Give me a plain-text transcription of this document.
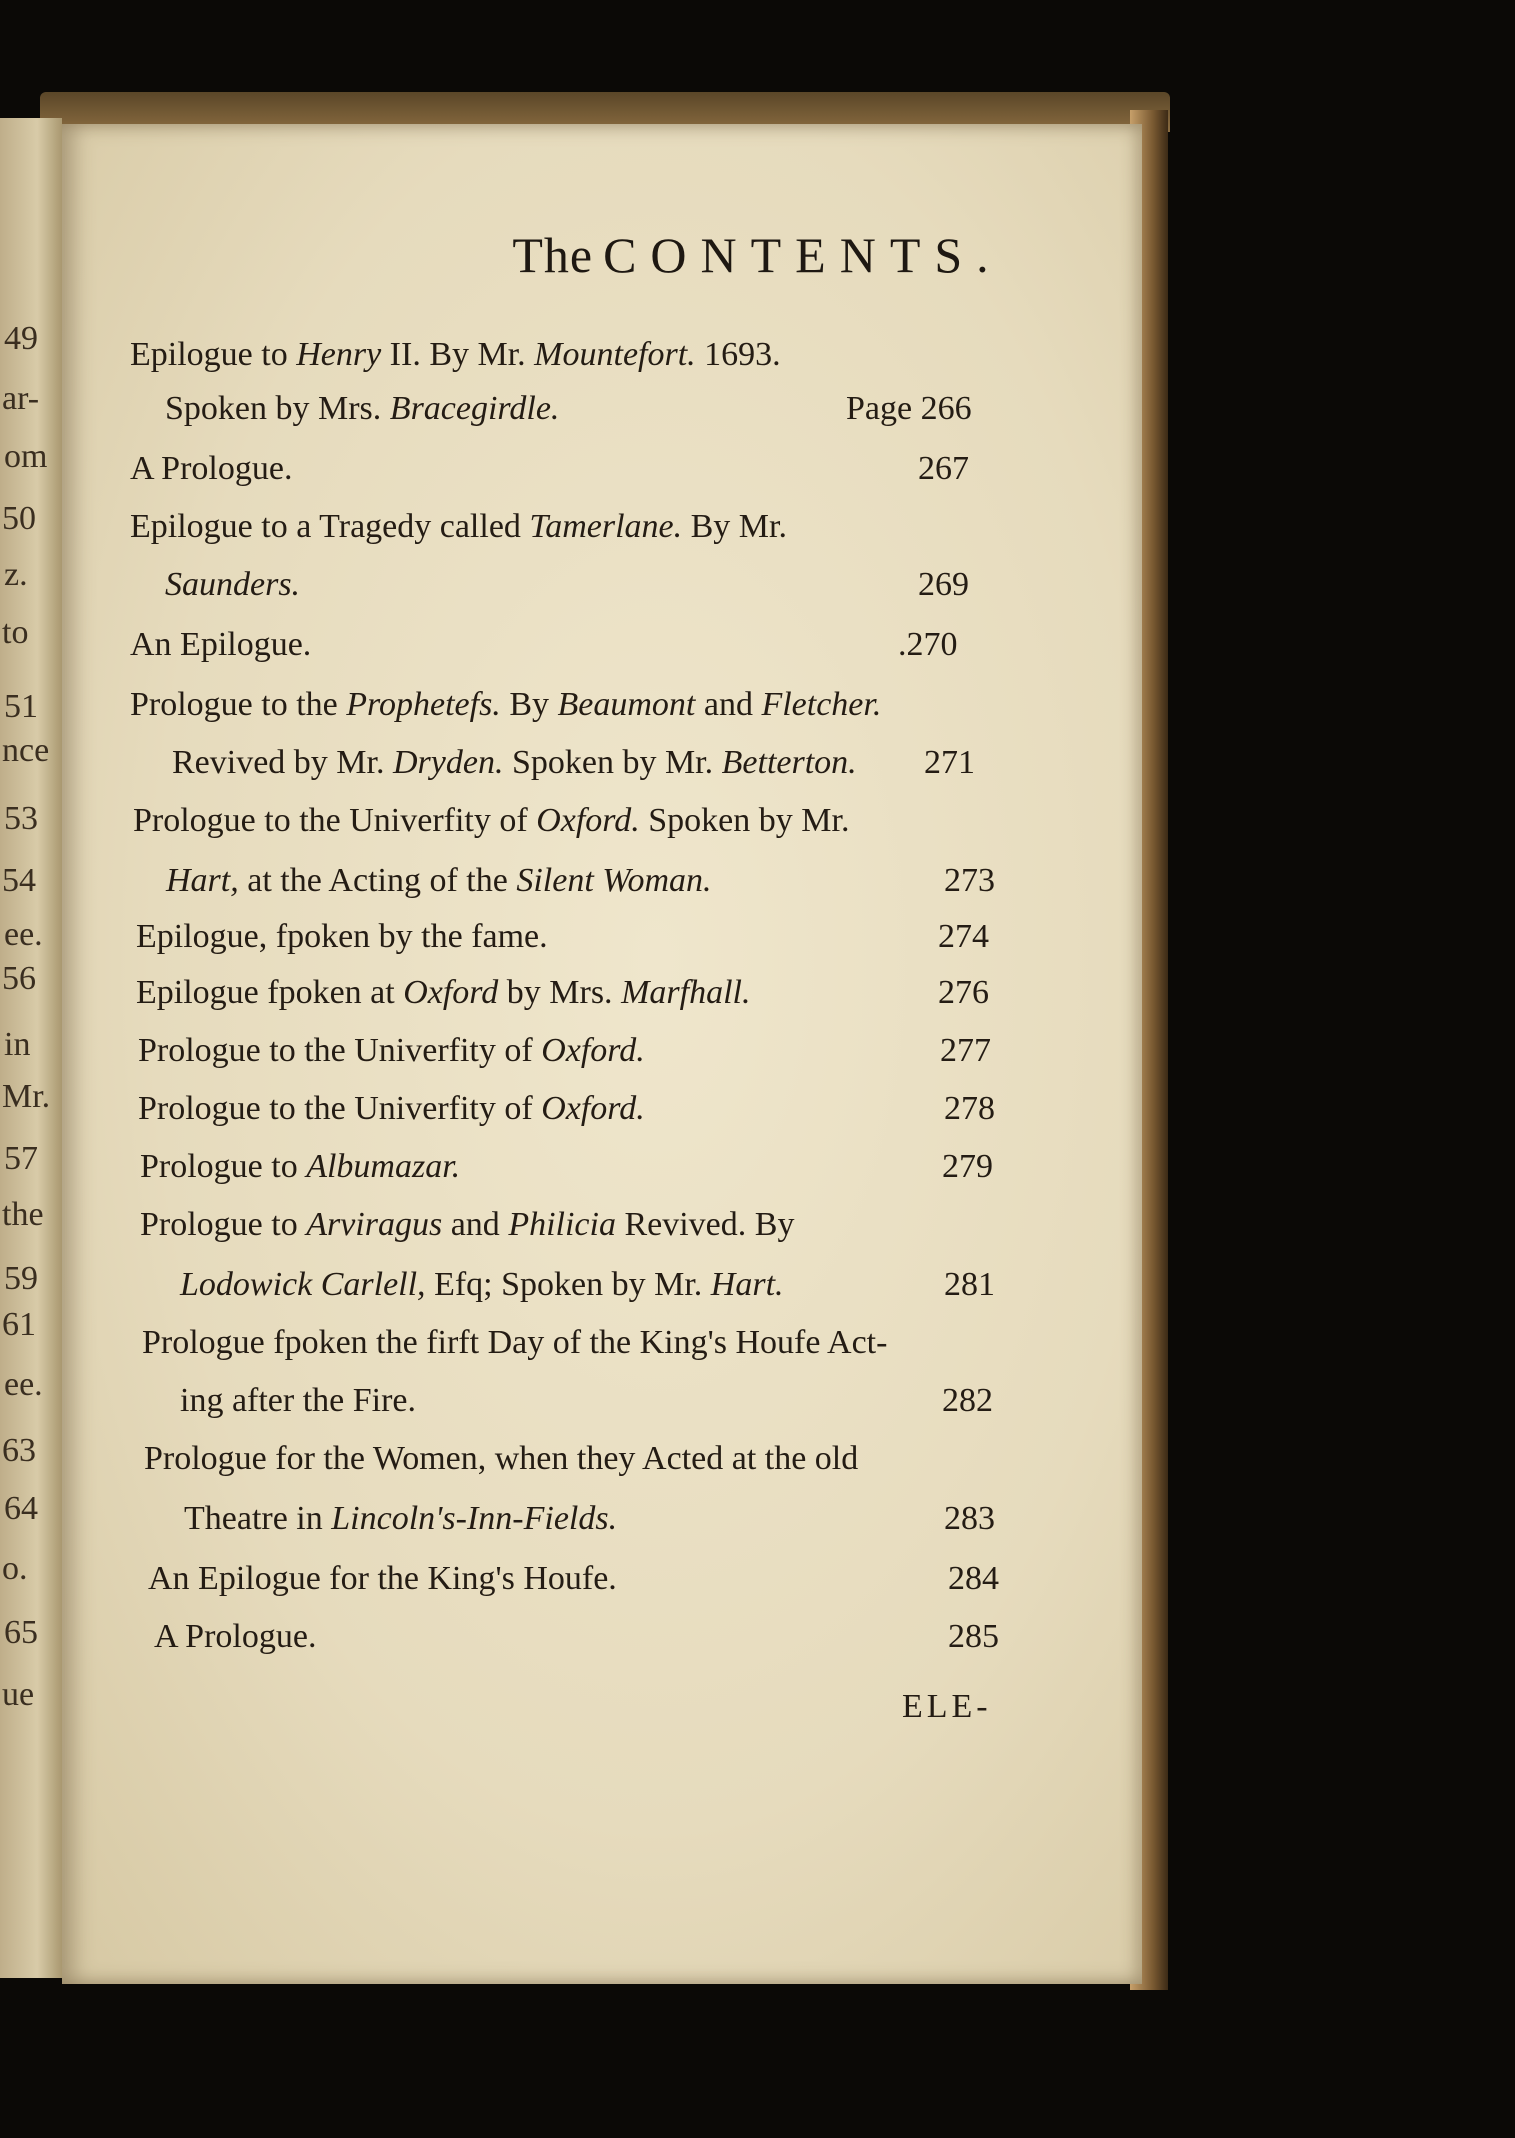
49
ar-
om
50
z.
to
51
nce
53
54
ee.
56
in
Mr.
57
the
59
61
ee.
63
64
o.
65
ue
The CONTENTS.
Epilogue to Henry II. By Mr. Mountefort. 1693.
Spoken by Mrs. Bracegirdle.	Page 266
A Prologue.	267
Epilogue to a Tragedy called Tamerlane. By Mr.
Saunders.	269
An Epilogue.	.270
Prologue to the Prophetefs. By Beaumont and Fletcher.
Revived by Mr. Dryden. Spoken by Mr. Betterton. 271
Prologue to the Univerfity of Oxford. Spoken by Mr.
Hart, at the Acting of the Silent Woman.	273
Epilogue, fpoken by the fame.	274
Epilogue fpoken at Oxford by Mrs. Marfhall.	276
Prologue to the Univerfity of Oxford.	277
Prologue to the Univerfity of Oxford.	278
Prologue to Albumazar.	279
Prologue to Arviragus and Philicia Revived. By
Lodowick Carlell, Efq; Spoken by Mr. Hart.	281
Prologue fpoken the firft Day of the King's Houfe Act-
ing after the Fire.	282
Prologue for the Women, when they Acted at the old
Theatre in Lincoln's-Inn-Fields.	283
An Epilogue for the King's Houfe.	284
A Prologue.	285
ELE-
